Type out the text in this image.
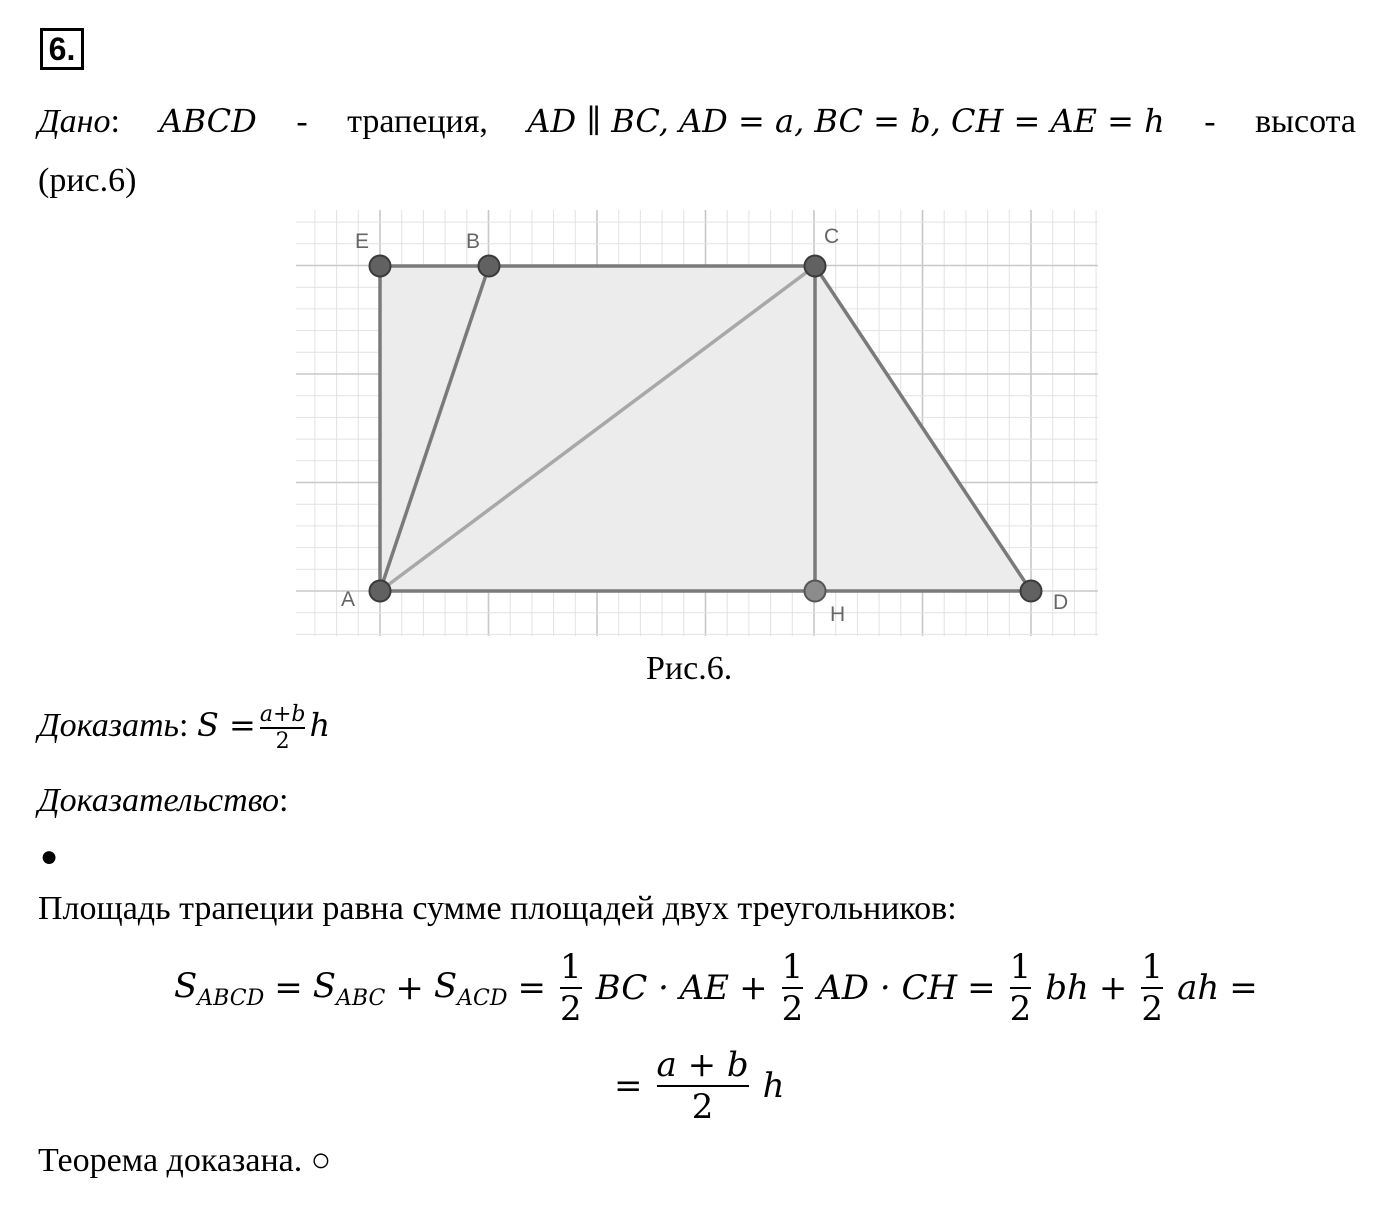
6.
Дано: ABCD - трапеция, AD ∥ BC, AD = a, BC = b, CH = AE = h - высота
(рис.6)
E	B	C
A
H
D
Рис.6.
Доказать: $S = \frac{a+b}{2}$ h
Доказательство:
●
Площадь трапеции равна сумме площадей двух треугольников:
$S_{ABCD} = S_{ABC} + S_{ACD} = \frac{1}{2}$ BC · AE + $\frac{1}{2}$ AD · CH = $\frac{1}{2}$ bh + $\frac{1}{2}$ ah =
= $\frac{a + b}{2}$ h
Теорема доказана. ○
